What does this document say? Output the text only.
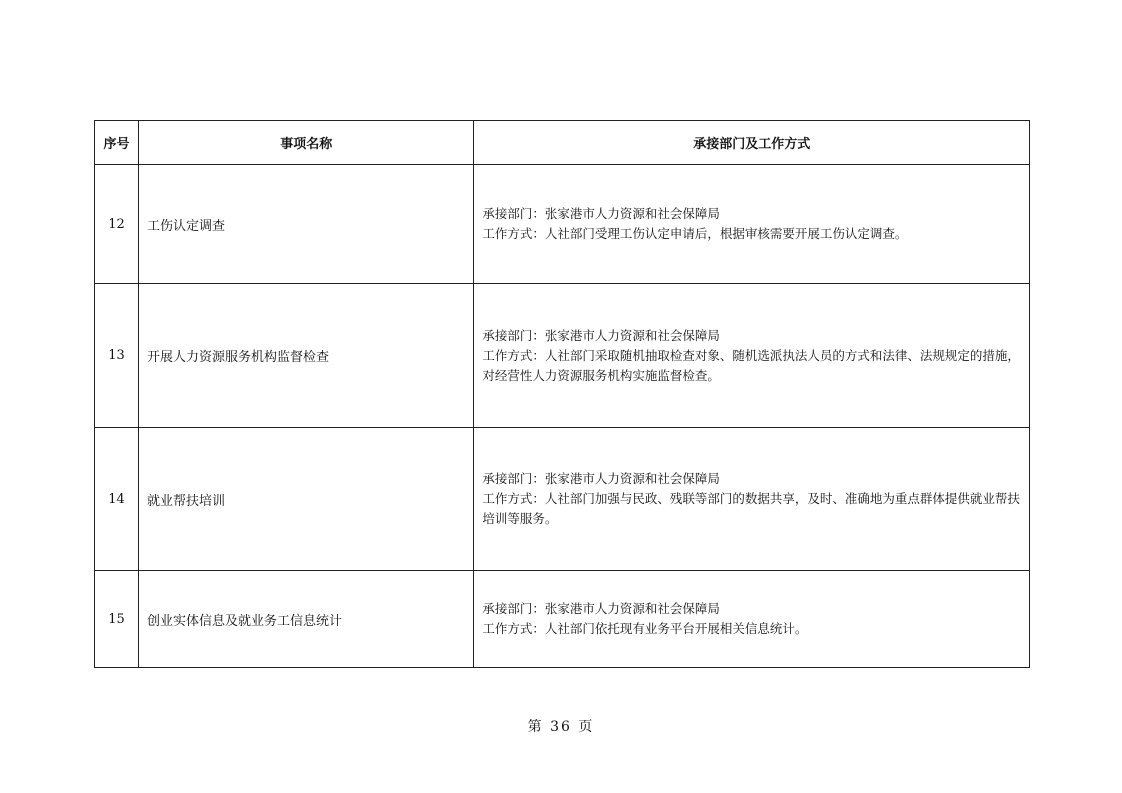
序号	事项名称	承接部门及工作方式
12	工伤认定调查	承接部门：张家港市人力资源和社会保障局
工作方式：人社部门受理工伤认定申请后，根据审核需要开展工伤认定调查。

13	开展人力资源服务机构监督检查	承接部门：张家港市人力资源和社会保障局
工作方式：人社部门采取随机抽取检查对象、随机选派执法人员的方式和法律、法规规定的措施，对经营性人力资源服务机构实施监督检查。

14	就业帮扶培训	承接部门：张家港市人力资源和社会保障局
工作方式：人社部门加强与民政、残联等部门的数据共享，及时、准确地为重点群体提供就业帮扶培训等服务。

15	创业实体信息及就业务工信息统计	承接部门：张家港市人力资源和社会保障局
工作方式：人社部门依托现有业务平台开展相关信息统计。
第 36 页
